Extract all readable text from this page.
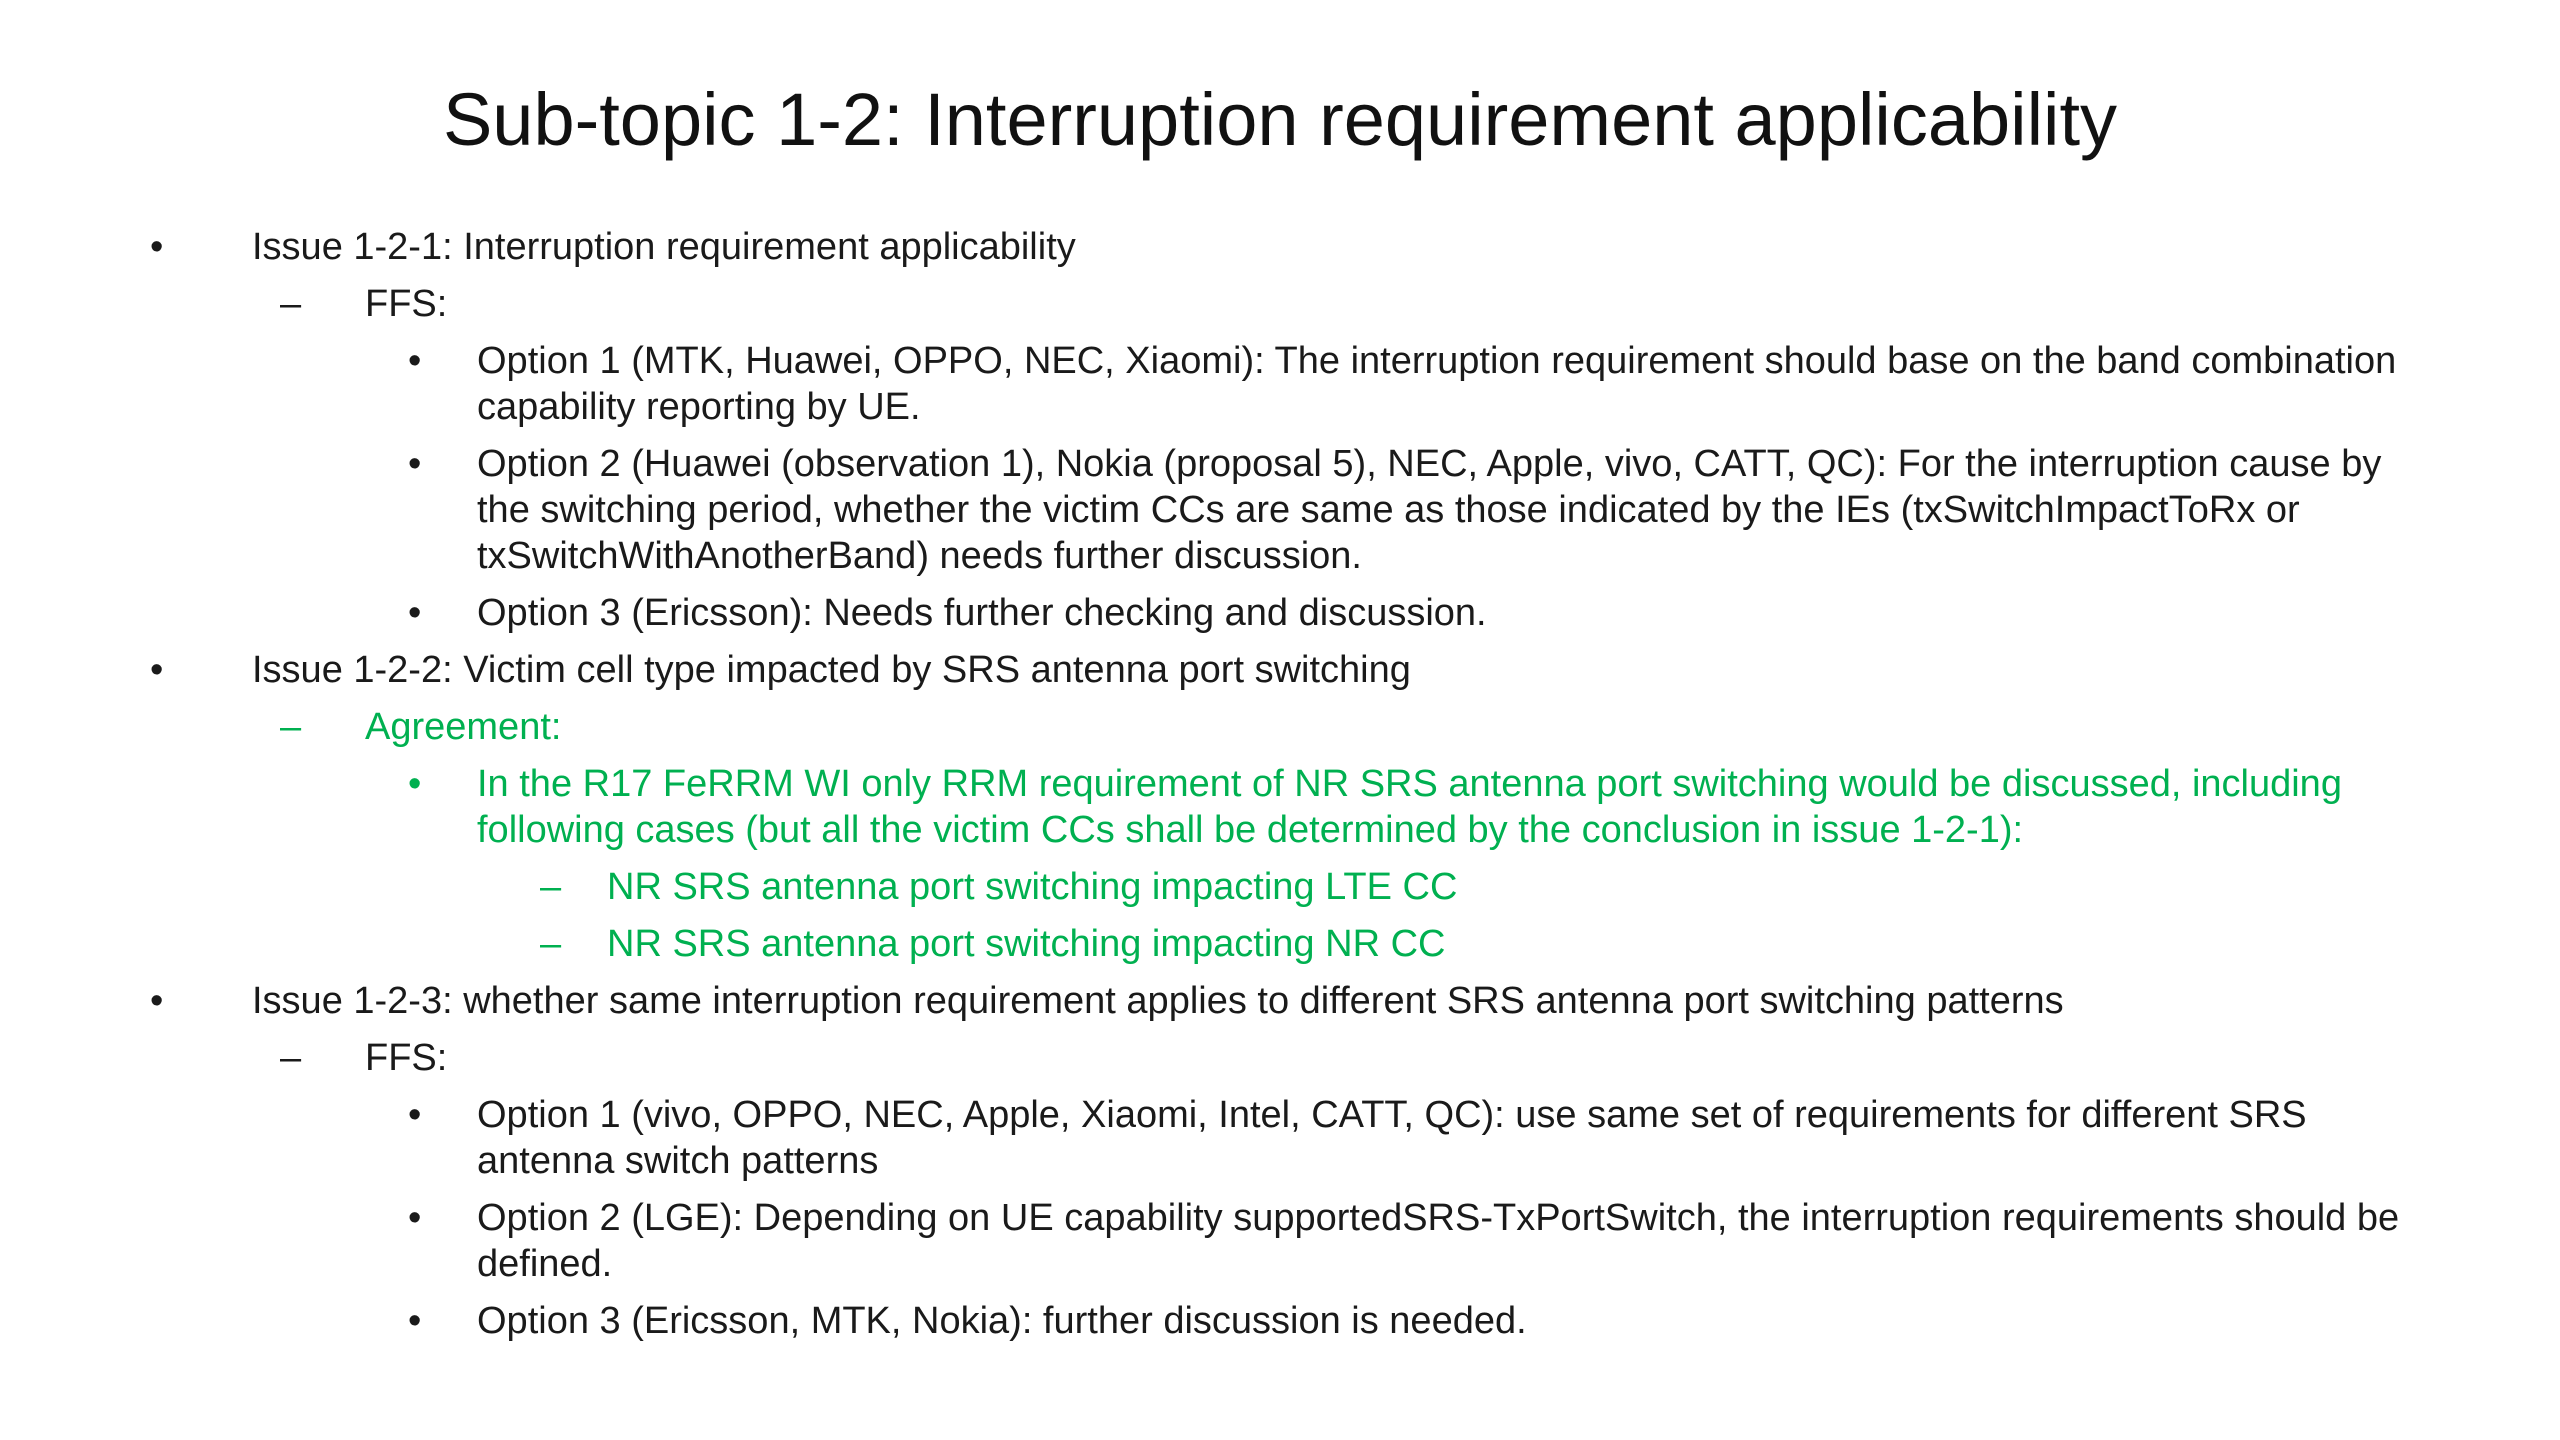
Sub-topic 1-2: Interruption requirement applicability
• Issue 1-2-1: Interruption requirement applicability
– FFS:
• Option 1 (MTK, Huawei, OPPO, NEC, Xiaomi): The interruption requirement should base on the band combination capability reporting by UE.
• Option 2 (Huawei (observation 1), Nokia (proposal 5), NEC, Apple, vivo, CATT, QC): For the interruption cause by the switching period, whether the victim CCs are same as those indicated by the IEs (txSwitchImpactToRx or txSwitchWithAnotherBand) needs further discussion.
• Option 3 (Ericsson): Needs further checking and discussion.
• Issue 1-2-2: Victim cell type impacted by SRS antenna port switching
– Agreement:
• In the R17 FeRRM WI only RRM requirement of NR SRS antenna port switching would be discussed, including following cases (but all the victim CCs shall be determined by the conclusion in issue 1-2-1):
– NR SRS antenna port switching impacting LTE CC
– NR SRS antenna port switching impacting NR CC
• Issue 1-2-3: whether same interruption requirement applies to different SRS antenna port switching patterns
– FFS:
• Option 1 (vivo, OPPO, NEC, Apple, Xiaomi, Intel, CATT, QC): use same set of requirements for different SRS antenna switch patterns
• Option 2 (LGE): Depending on UE capability supportedSRS-TxPortSwitch, the interruption requirements should be defined.
• Option 3 (Ericsson, MTK, Nokia): further discussion is needed.
